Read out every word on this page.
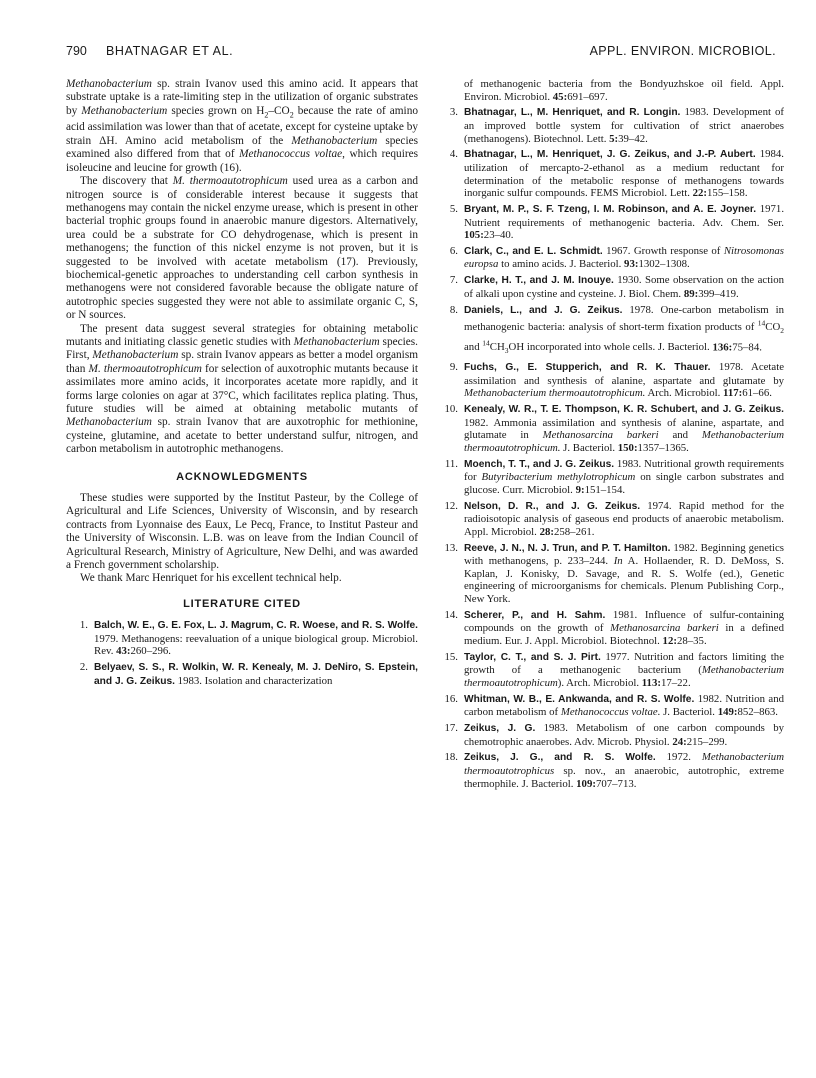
790 BHATNAGAR ET AL.	APPL. ENVIRON. MICROBIOL.

Methanobacterium sp. strain Ivanov used this amino acid. It appears that substrate uptake is a rate-limiting step in the utilization of organic substrates by Methanobacterium species grown on $H_2-CO_2$ because the rate of amino acid assimilation was lower than that of acetate, except for cysteine uptake by strain ΔH. Amino acid metabolism of the Methanobacterium species examined also differed from that of Methanococcus voltae, which requires isoleucine and leucine for growth (16).

The discovery that M. thermoautotrophicum used urea as a carbon and nitrogen source is of considerable interest because it suggests that methanogens may contain the nickel enzyme urease, which is present in other bacterial trophic groups found in anaerobic manure digestors. Alternatively, urea could be a substrate for CO dehydrogenase, which is present in methanogens; the function of this nickel enzyme is not proven, but it is suggested to be involved with acetate metabolism (17). Previously, biochemical-genetic approaches to understanding cell carbon synthesis in methanogens were not considered favorable because the obligate nature of autotrophic species suggested they were not able to assimilate organic C, S, or N sources.

The present data suggest several strategies for obtaining metabolic mutants and initiating classic genetic studies with Methanobacterium species. First, Methanobacterium sp. strain Ivanov appears as better a model organism than M. thermoautotrophicum for selection of auxotrophic mutants because it assimilates more amino acids, it incorporates acetate more rapidly, and it forms large colonies on agar at 37°C, which facilitates replica plating. Thus, future studies will be aimed at obtaining metabolic mutants of Methanobacterium sp. strain Ivanov that are auxotrophic for methionine, cysteine, glutamine, and acetate to better understand sulfur, nitrogen, and carbon metabolism in autotrophic methanogens.

ACKNOWLEDGMENTS

These studies were supported by the Institut Pasteur, by the College of Agricultural and Life Sciences, University of Wisconsin, and by research contracts from Lyonnaise des Eaux, Le Pecq, France, to Institut Pasteur and the University of Wisconsin. L.B. was on leave from the Indian Council of Agricultural Research, Ministry of Agriculture, New Delhi, and was awarded a French government scholarship.

We thank Marc Henriquet for his excellent technical help.

LITERATURE CITED
1. Balch, W. E., G. E. Fox, L. J. Magrum, C. R. Woese, and R. S. Wolfe. 1979. Methanogens: reevaluation of a unique biological group. Microbiol. Rev. 43:260–296.
2. Belyaev, S. S., R. Wolkin, W. R. Kenealy, M. J. DeNiro, S. Epstein, and J. G. Zeikus. 1983. Isolation and characterization
of methanogenic bacteria from the Bondyuzhskoe oil field. Appl. Environ. Microbiol. 45:691–697.
3. Bhatnagar, L., M. Henriquet, and R. Longin. 1983. Development of an improved bottle system for cultivation of strict anaerobes (methanogens). Biotechnol. Lett. 5:39–42.
4. Bhatnagar, L., M. Henriquet, J. G. Zeikus, and J.-P. Aubert. 1984. utilization of mercapto-2-ethanol as a medium reductant for determination of the metabolic response of methanogens towards inorganic sulfur compounds. FEMS Microbiol. Lett. 22:155–158.
5. Bryant, M. P., S. F. Tzeng, I. M. Robinson, and A. E. Joyner. 1971. Nutrient requirements of methanogenic bacteria. Adv. Chem. Ser. 105:23–40.
6. Clark, C., and E. L. Schmidt. 1967. Growth response of Nitrosomonas europsa to amino acids. J. Bacteriol. 93:1302–1308.
7. Clarke, H. T., and J. M. Inouye. 1930. Some observation on the action of alkali upon cystine and cysteine. J. Biol. Chem. 89:399–419.
8. Daniels, L., and J. G. Zeikus. 1978. One-carbon metabolism in methanogenic bacteria: analysis of short-term fixation products of $^{14}CO_2$ and $^{14}CH_3OH$ incorporated into whole cells. J. Bacteriol. 136:75–84.
9. Fuchs, G., E. Stupperich, and R. K. Thauer. 1978. Acetate assimilation and synthesis of alanine, aspartate and glutamate by Methanobacterium thermoautotrophicum. Arch. Microbiol. 117:61–66.
10. Kenealy, W. R., T. E. Thompson, K. R. Schubert, and J. G. Zeikus. 1982. Ammonia assimilation and synthesis of alanine, aspartate, and glutamate in Methanosarcina barkeri and Methanobacterium thermoautotrophicum. J. Bacteriol. 150:1357–1365.
11. Moench, T. T., and J. G. Zeikus. 1983. Nutritional growth requirements for Butyribacterium methylotrophicum on single carbon substrates and glucose. Curr. Microbiol. 9:151–154.
12. Nelson, D. R., and J. G. Zeikus. 1974. Rapid method for the radioisotopic analysis of gaseous end products of anaerobic metabolism. Appl. Microbiol. 28:258–261.
13. Reeve, J. N., N. J. Trun, and P. T. Hamilton. 1982. Beginning genetics with methanogens, p. 233–244. In A. Hollaender, R. D. DeMoss, S. Kaplan, J. Konisky, D. Savage, and R. S. Wolfe (ed.), Genetic engineering of microorganisms for chemicals. Plenum Publishing Corp., New York.
14. Scherer, P., and H. Sahm. 1981. Influence of sulfur-containing compounds on the growth of Methanosarcina barkeri in a defined medium. Eur. J. Appl. Microbiol. Biotechnol. 12:28–35.
15. Taylor, C. T., and S. J. Pirt. 1977. Nutrition and factors limiting the growth of a methanogenic bacterium (Methanobacterium thermoautotrophicum). Arch. Microbiol. 113:17–22.
16. Whitman, W. B., E. Ankwanda, and R. S. Wolfe. 1982. Nutrition and carbon metabolism of Methanococcus voltae. J. Bacteriol. 149:852–863.
17. Zeikus, J. G. 1983. Metabolism of one carbon compounds by chemotrophic anaerobes. Adv. Microb. Physiol. 24:215–299.
18. Zeikus, J. G., and R. S. Wolfe. 1972. Methanobacterium thermoautotrophicus sp. nov., an anaerobic, autotrophic, extreme thermophile. J. Bacteriol. 109:707–713.
